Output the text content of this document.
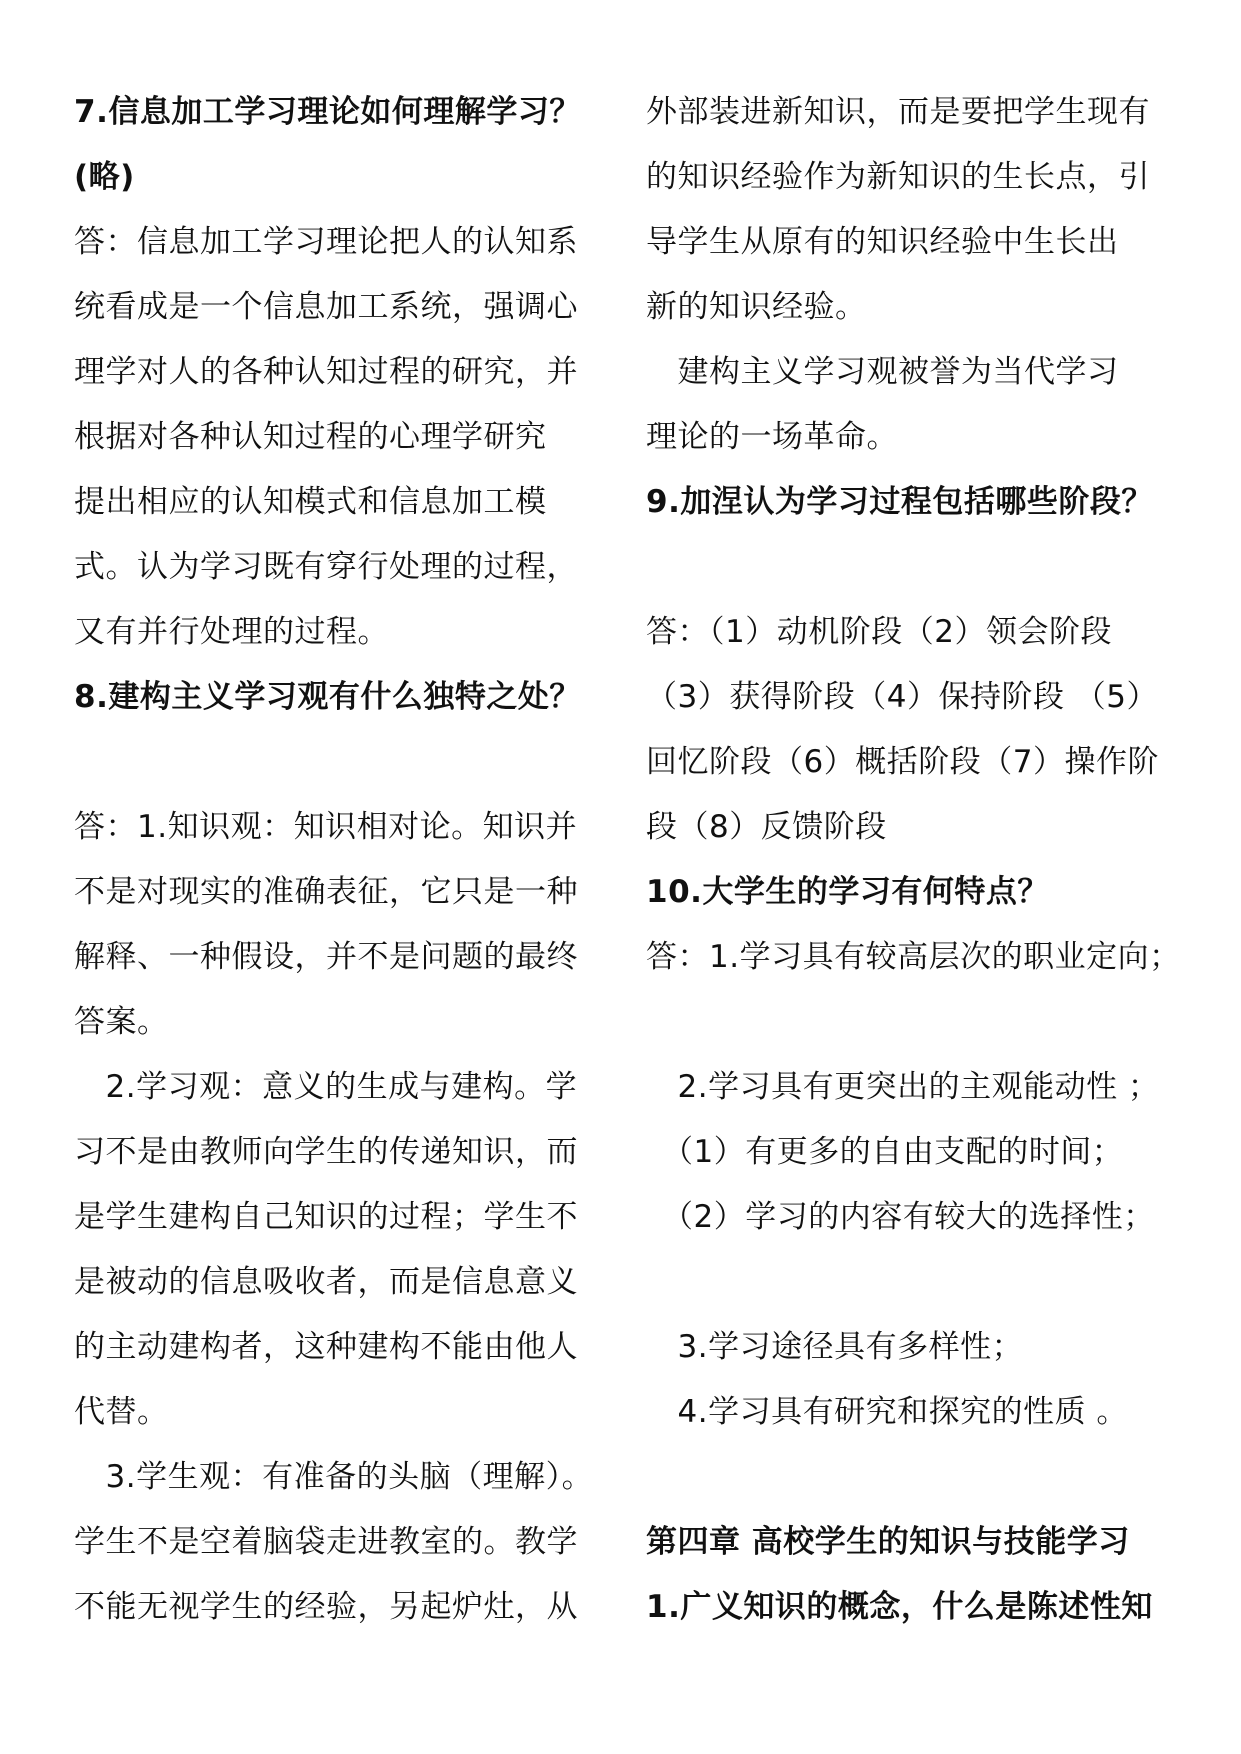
7.信息加工学习理论如何理解学习？
(略)
答：信息加工学习理论把人的认知系
统看成是一个信息加工系统，强调心
理学对人的各种认知过程的研究，并
根据对各种认知过程的心理学研究
提出相应的认知模式和信息加工模
式。认为学习既有穿行处理的过程，
又有并行处理的过程。
8.建构主义学习观有什么独特之处？
答：1.知识观：知识相对论。知识并
不是对现实的准确表征，它只是一种
解释、一种假设，并不是问题的最终
答案。
　2.学习观：意义的生成与建构。学
习不是由教师向学生的传递知识，而
是学生建构自己知识的过程；学生不
是被动的信息吸收者，而是信息意义
的主动建构者，这种建构不能由他人
代替。
　3.学生观：有准备的头脑（理解）。
学生不是空着脑袋走进教室的。教学
不能无视学生的经验，另起炉灶，从
外部装进新知识，而是要把学生现有
的知识经验作为新知识的生长点，引
导学生从原有的知识经验中生长出
新的知识经验。
　建构主义学习观被誉为当代学习
理论的一场革命。
9.加涅认为学习过程包括哪些阶段？
答：（1）动机阶段（2）领会阶段
（3）获得阶段（4）保持阶段 （5）
回忆阶段（6）概括阶段（7）操作阶
段（8）反馈阶段
10.大学生的学习有何特点？
答：1.学习具有较高层次的职业定向；
　2.学习具有更突出的主观能动性 ；
　（1）有更多的自由支配的时间；
　（2）学习的内容有较大的选择性；
　3.学习途径具有多样性；
　4.学习具有研究和探究的性质 。
第四章 高校学生的知识与技能学习
1.广义知识的概念，什么是陈述性知
